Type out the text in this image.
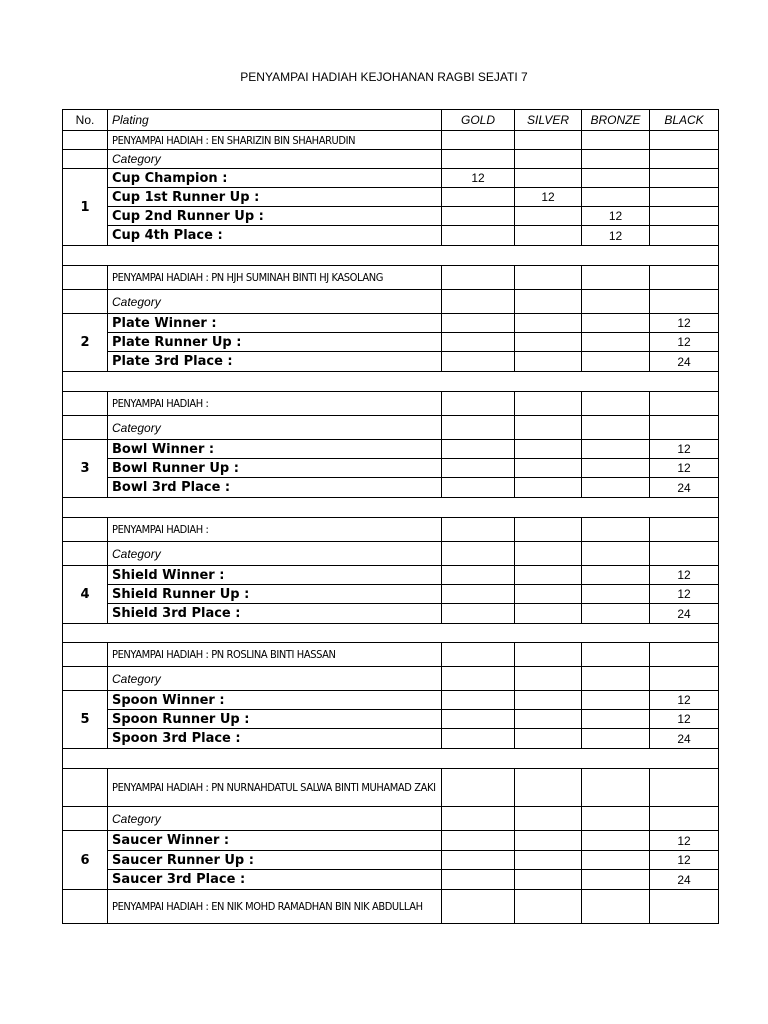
PENYAMPAI HADIAH KEJOHANAN RAGBI SEJATI 7
No.	Plating	GOLD	SILVER	BRONZE	BLACK
	PENYAMPAI HADIAH : EN SHARIZIN BIN SHAHARUDIN				
	Category				
1	Cup Champion :	12			
	Cup 1st Runner Up :		12		
	Cup 2nd Runner Up :			12	
	Cup 4th Place :			12	

	PENYAMPAI HADIAH : PN HJH SUMINAH BINTI HJ KASOLANG				
	Category				
2	Plate Winner :				12
	Plate Runner Up :				12
	Plate 3rd Place :				24

	PENYAMPAI HADIAH :				
	Category				
3	Bowl Winner :				12
	Bowl Runner Up :				12
	Bowl 3rd Place :				24

	PENYAMPAI HADIAH :				
	Category				
4	Shield Winner :				12
	Shield Runner Up :				12
	Shield 3rd Place :				24

	PENYAMPAI HADIAH : PN ROSLINA BINTI HASSAN				
	Category				
5	Spoon Winner :				12
	Spoon Runner Up :				12
	Spoon 3rd Place :				24

	PENYAMPAI HADIAH : PN NURNAHDATUL SALWA BINTI MUHAMAD ZAKI				
	Category				
6	Saucer Winner :				12
	Saucer Runner Up :				12
	Saucer 3rd Place :				24
	PENYAMPAI HADIAH : EN NIK MOHD RAMADHAN BIN NIK ABDULLAH				
